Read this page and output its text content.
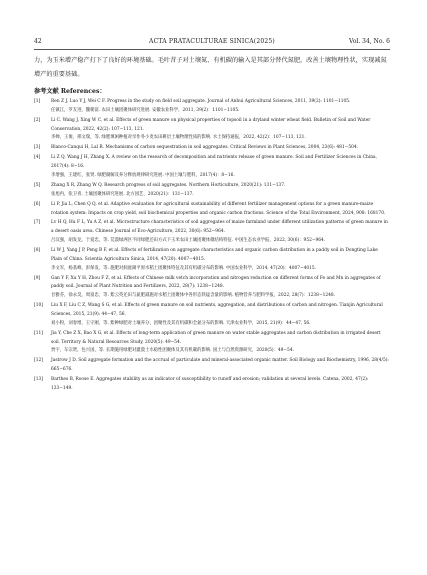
42	ACTA PRATACULTURAE SINICA(2025)	Vol. 34, No. 6
力，为玉米增产稳产打下了良好的环境基础。毛叶苕子对土壤氮、有机碳的输入是其部分替代氮肥，改善土壤物理性状，实现减氮增产的重要基础。
参考文献 References：
[1] Ren Z J, Luo Y J, Wei C F. Progress in the study on field soil aggregate. Journal of Anhui Agricultural Sciences, 2011, 39(2): 1101−1105.
任镇江，罗友进，魏朝富. 农田土壤团聚体研究进展. 安徽农业科学，2011, 39(2)：1101−1105.
[2] Li C, Wang J, Xing W C, et al. Effects of green manure on physical properties of topsoil in a dryland winter wheat field. Bulletin of Soil and Water Conservation, 2022, 42(2): 107−113, 121.
李婵，王俊，邢文瑞，等. 绿肥填闲种植对旱作冬小麦农田耕层土壤物理性质的影响. 水土保持通报，2022, 42(2)：107−113, 121.
[3] Blanco-Canqui H, Lal R. Mechanisms of carbon sequestration in soil aggregates. Critical Reviews in Plant Sciences, 2004, 23(6): 481−504.
[4] Li Z Q, Wang J H, Zhang X. A review on the research of decomposition and nutrients release of green manure. Soil and Fertilizer Sciences in China, 2017(4): 8−16.
李增强，王建红，张贤. 绿肥腐解及养分释放规律研究进展. 中国土壤与肥料，2017(4)：8−16.
[5] Zhang X R, Zhang W Q. Research progress of soil aggregates. Northern Horticulture, 2020(21): 131−137.
张旭冉，张卫青. 土壤团聚体研究进展. 北方园艺，2020(21)：131−137.
[6] Li P, Jia L, Chen Q Q, et al. Adaptive evaluation for agricultural sustainability of different fertilizer management options for a green manure-maize rotation system: Impacts on crop yield, soil biochemical properties and organic carbon fractions. Science of the Total Environment, 2024, 908: 168170.
[7] Lv H Q, Hu F L, Yu A Z, et al. Microstructure characteristics of soil aggregates of maize farmland under different utilization patterns of green manure in a desert oasis area. Chinese Journal of Eco-Agriculture, 2022, 30(6): 952−964.
吕汉强，胡发龙，于爱忠，等. 荒漠绿洲区不同绿肥还田方式下玉米农田土壤团聚体微结构特征. 中国生态农业学报，2022, 30(6)：952−964.
[8] Li W J, Yang J P, Peng B F, et al. Effects of fertilization on aggregate characteristics and organic carbon distribution in a paddy soil in Dongting Lake Plain of China. Scientia Agricultura Sinica, 2014, 47(20): 4007−4015.
李文军，杨基峰，彭保发，等. 施肥对洞庭湖平原水稻土团聚体特征及其有机碳分布的影响. 中国农业科学，2014, 47(20)：4007−4015.
[9] Gan Y F, Xu Y H, Zhou F Z, et al. Effects of Chinese milk vetch incorporation and nitrogen reduction on different forms of Fe and Mn in aggregates of paddy soil. Journal of Plant Nutrition and Fertilizers, 2022, 28(7): 1238−1248.
甘雅芬，徐永昊，周富忠，等. 紫云英还田与氮肥减施对水稻土团聚体中各形态铁锰含量的影响. 植物营养与肥料学报，2022, 28(7)：1238−1248.
[10] Liu X F, Liu C Z, Wang S G, et al. Effects of green manure on soil nutrients, aggregation, and distributions of carbon and nitrogen. Tianjin Agricultural Sciences, 2015, 21(9): 44−47, 56.
刘小粉，刘春增，王守刚，等. 紫种绿肥对土壤养分、团聚性及其有机碳和全氮分布的影响. 天津农业科学，2015, 21(9)：44−47, 56.
[11] Jia Y, Che Z X, Bao X G, et al. Effects of long-term application of green manure on water stable aggregates and carbon distribution in irrigated desert soil. Territory & Natural Resources Study, 2020(5): 49−54.
贾宇，车宗贤，包兴国，等. 长期施用绿肥对灌漠土水稳性团聚体及其有机碳的影响. 国土与自然资源研究，2020(5)：49−54.
[12] Jastrow J D. Soil aggregate formation and the accrual of particulate and mineral-associated organic matter. Soil Biology and Biochemistry, 1996, 28(4/5): 665−676.
[13] Barthes B, Roose E. Aggregates stability as an indicator of susceptibility to runoff and erosion; validation at several levels. Catena, 2002, 47(2): 133−149.
